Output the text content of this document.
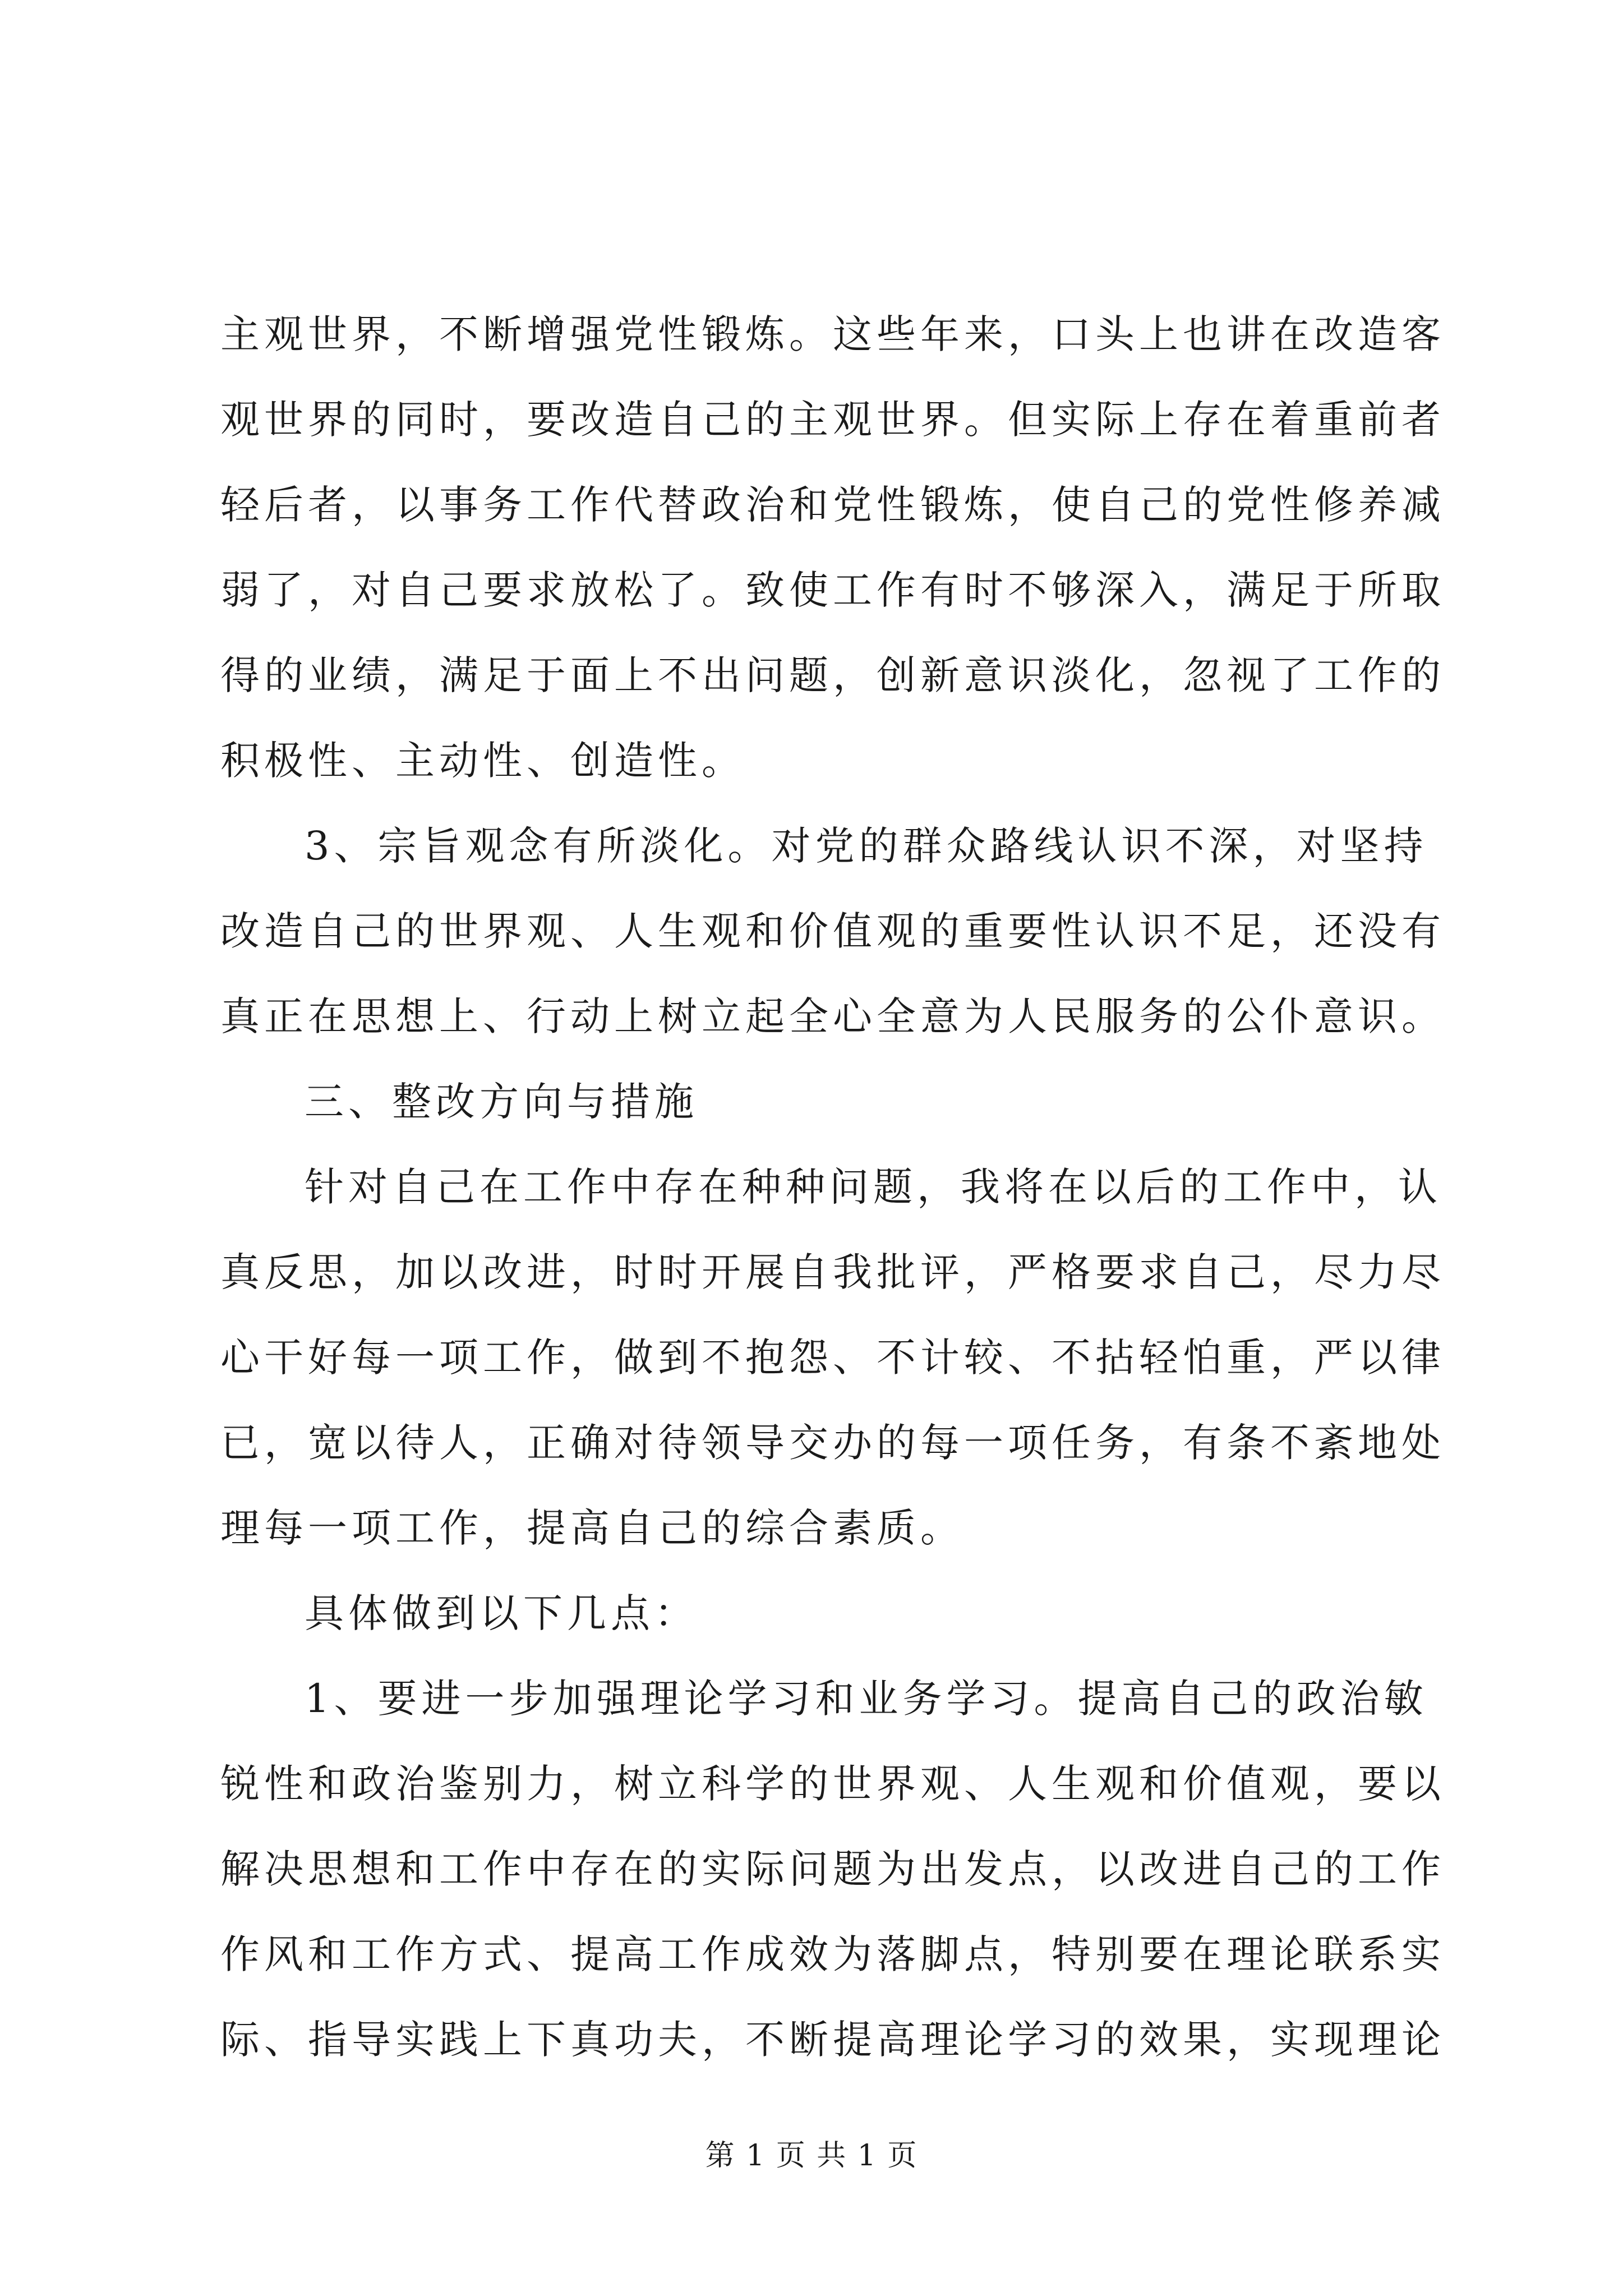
主观世界，不断增强党性锻炼。这些年来，口头上也讲在改造客
观世界的同时，要改造自己的主观世界。但实际上存在着重前者
轻后者，以事务工作代替政治和党性锻炼，使自己的党性修养减
弱了，对自己要求放松了。致使工作有时不够深入，满足于所取
得的业绩，满足于面上不出问题，创新意识淡化，忽视了工作的
积极性、主动性、创造性。
3、宗旨观念有所淡化。对党的群众路线认识不深，对坚持
改造自己的世界观、人生观和价值观的重要性认识不足，还没有
真正在思想上、行动上树立起全心全意为人民服务的公仆意识。
三、整改方向与措施
针对自己在工作中存在种种问题，我将在以后的工作中，认
真反思，加以改进，时时开展自我批评，严格要求自己，尽力尽
心干好每一项工作，做到不抱怨、不计较、不拈轻怕重，严以律
已，宽以待人，正确对待领导交办的每一项任务，有条不紊地处
理每一项工作，提高自己的综合素质。
具体做到以下几点：
1、要进一步加强理论学习和业务学习。提高自己的政治敏
锐性和政治鉴别力，树立科学的世界观、人生观和价值观，要以
解决思想和工作中存在的实际问题为出发点，以改进自己的工作
作风和工作方式、提高工作成效为落脚点，特别要在理论联系实
际、指导实践上下真功夫，不断提高理论学习的效果，实现理论
第 1 页 共 1 页
